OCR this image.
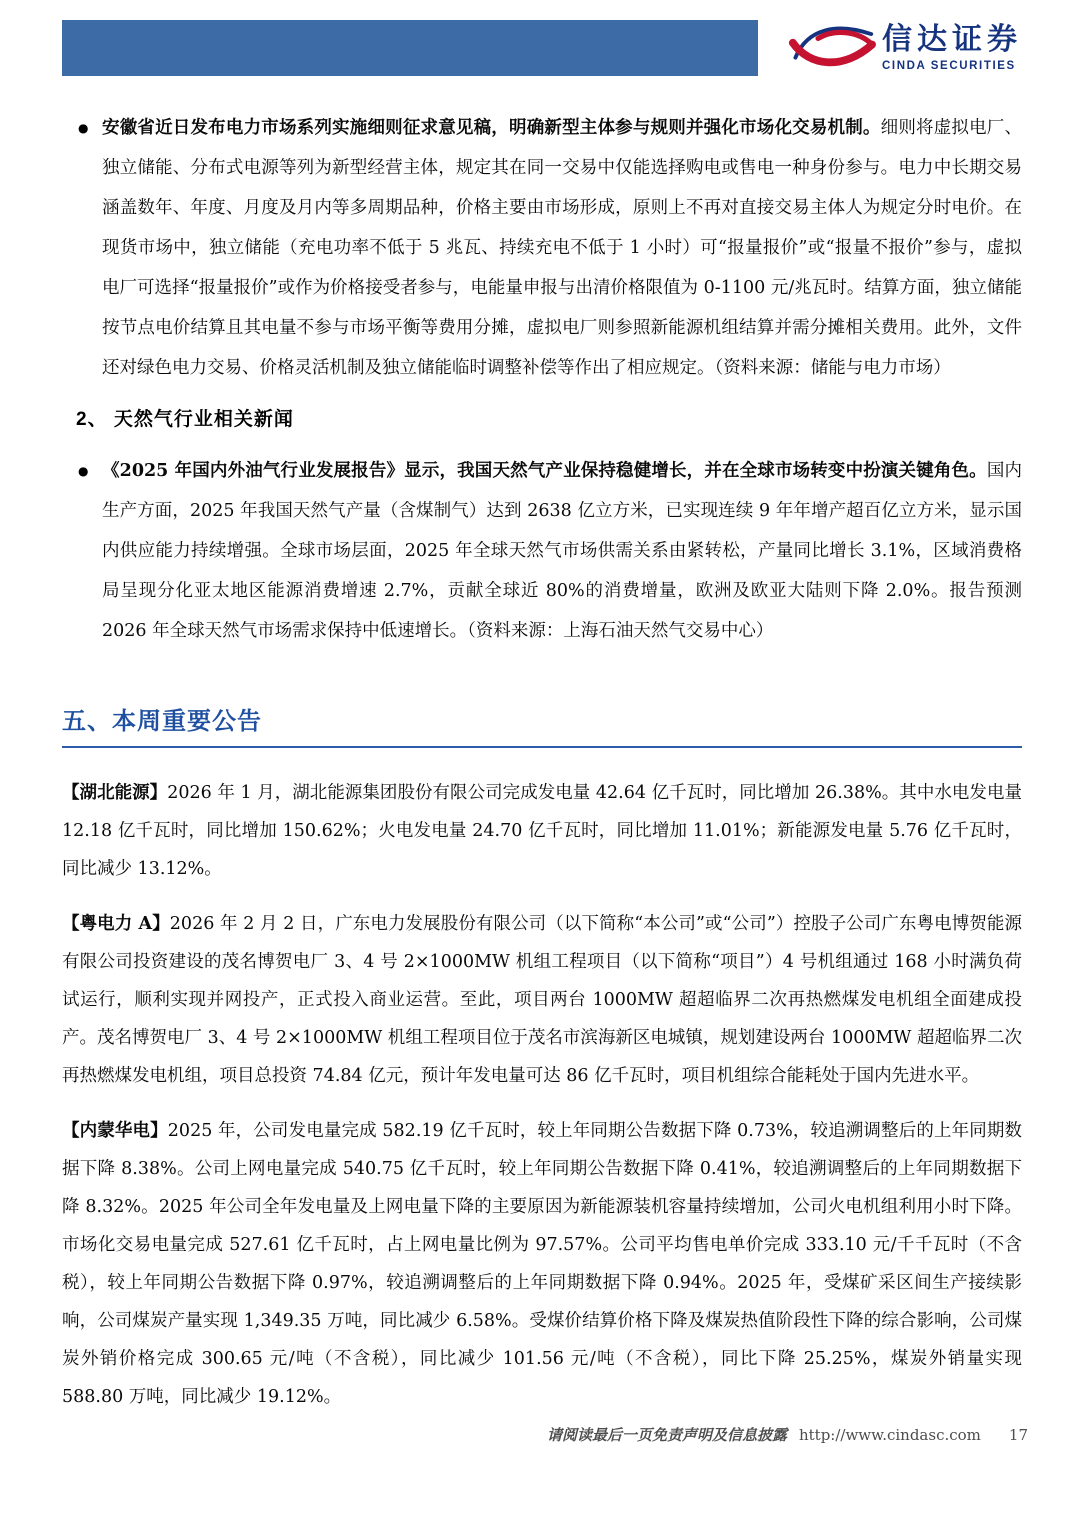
信达证券
CINDA SECURITIES
● 安徽省近日发布电力市场系列实施细则征求意见稿，明确新型主体参与规则并强化市场化交易机制。细则将虚拟电厂、独立储能、分布式电源等列为新型经营主体，规定其在同一交易中仅能选择购电或售电一种身份参与。电力中长期交易涵盖数年、年度、月度及月内等多周期品种，价格主要由市场形成，原则上不再对直接交易主体人为规定分时电价。在现货市场中，独立储能（充电功率不低于 5 兆瓦、持续充电不低于 1 小时）可“报量报价”或“报量不报价”参与，虚拟电厂可选择“报量报价”或作为价格接受者参与，电能量申报与出清价格限值为 0-1100 元/兆瓦时。结算方面，独立储能按节点电价结算且其电量不参与市场平衡等费用分摊，虚拟电厂则参照新能源机组结算并需分摊相关费用。此外，文件还对绿色电力交易、价格灵活机制及独立储能临时调整补偿等作出了相应规定。（资料来源：储能与电力市场）

2、 天然气行业相关新闻
● 《2025 年国内外油气行业发展报告》显示，我国天然气产业保持稳健增长，并在全球市场转变中扮演关键角色。国内生产方面，2025 年我国天然气产量（含煤制气）达到 2638 亿立方米，已实现连续 9 年年增产超百亿立方米，显示国内供应能力持续增强。全球市场层面，2025 年全球天然气市场供需关系由紧转松，产量同比增长 3.1%，区域消费格局呈现分化亚太地区能源消费增速 2.7%，贡献全球近 80%的消费增量，欧洲及欧亚大陆则下降 2.0%。报告预测 2026 年全球天然气市场需求保持中低速增长。（资料来源：上海石油天然气交易中心）

五、本周重要公告

【湖北能源】2026 年 1 月，湖北能源集团股份有限公司完成发电量 42.64 亿千瓦时，同比增加 26.38%。其中水电发电量 12.18 亿千瓦时，同比增加 150.62%；火电发电量 24.70 亿千瓦时，同比增加 11.01%；新能源发电量 5.76 亿千瓦时，同比减少 13.12%。

【粤电力 A】2026 年 2 月 2 日，广东电力发展股份有限公司（以下简称“本公司”或“公司”）控股子公司广东粤电博贺能源有限公司投资建设的茂名博贺电厂 3、4 号 2×1000MW 机组工程项目（以下简称“项目”）4 号机组通过 168 小时满负荷试运行，顺利实现并网投产，正式投入商业运营。至此，项目两台 1000MW 超超临界二次再热燃煤发电机组全面建成投产。茂名博贺电厂 3、4 号 2×1000MW 机组工程项目位于茂名市滨海新区电城镇，规划建设两台 1000MW 超超临界二次再热燃煤发电机组，项目总投资 74.84 亿元，预计年发电量可达 86 亿千瓦时，项目机组综合能耗处于国内先进水平。

【内蒙华电】2025 年，公司发电量完成 582.19 亿千瓦时，较上年同期公告数据下降 0.73%，较追溯调整后的上年同期数据下降 8.38%。公司上网电量完成 540.75 亿千瓦时，较上年同期公告数据下降 0.41%，较追溯调整后的上年同期数据下降 8.32%。2025 年公司全年发电量及上网电量下降的主要原因为新能源装机容量持续增加，公司火电机组利用小时下降。市场化交易电量完成 527.61 亿千瓦时，占上网电量比例为 97.57%。公司平均售电单价完成 333.10 元/千千瓦时（不含税），较上年同期公告数据下降 0.97%，较追溯调整后的上年同期数据下降 0.94%。2025 年，受煤矿采区间生产接续影响，公司煤炭产量实现 1,349.35 万吨，同比减少 6.58%。受煤价结算价格下降及煤炭热值阶段性下降的综合影响，公司煤炭外销价格完成 300.65 元/吨（不含税），同比减少 101.56 元/吨（不含税），同比下降 25.25%，煤炭外销量实现 588.80 万吨，同比减少 19.12%。

请阅读最后一页免责声明及信息披露 http://www.cindasc.com 17
